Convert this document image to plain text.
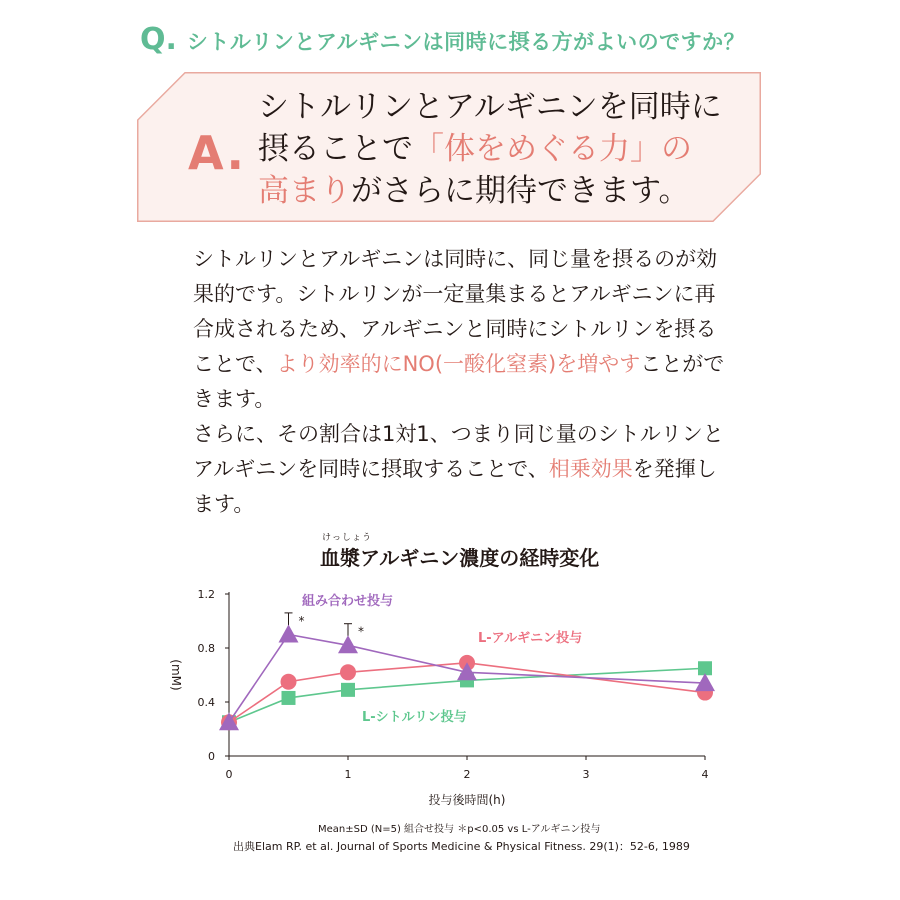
Q. シトルリンとアルギニンは同時に摂る方がよいのですか？
A.
シトルリンとアルギニンを同時に
摂ることで「体をめぐる力」の
高まりがさらに期待できます。

シトルリンとアルギニンは同時に、同じ量を摂るのが効果的です。シトルリンが一定量集まるとアルギニンに再合成されるため、アルギニンと同時にシトルリンを摂ることで、より効率的にNO(一酸化窒素)を増やすことができます。

さらに、その割合は1対1、つまり同じ量のシトルリンとアルギニンを同時に摂取することで、相乗効果を発揮します。

けっしょう
血漿アルギニン濃度の経時変化
0
0.4
0.8
1.2
0	1	2	3	4
投与後時間(h)
(mM)
*
*
組み合わせ投与
L-アルギニン投与
L-シトルリン投与
Mean±SD (N=5) 組合せ投与 ＊p<0.05 vs L-アルギニン投与
出典Elam RP. et al. Journal of Sports Medicine & Physical Fitness. 29(1)：52-6, 1989
